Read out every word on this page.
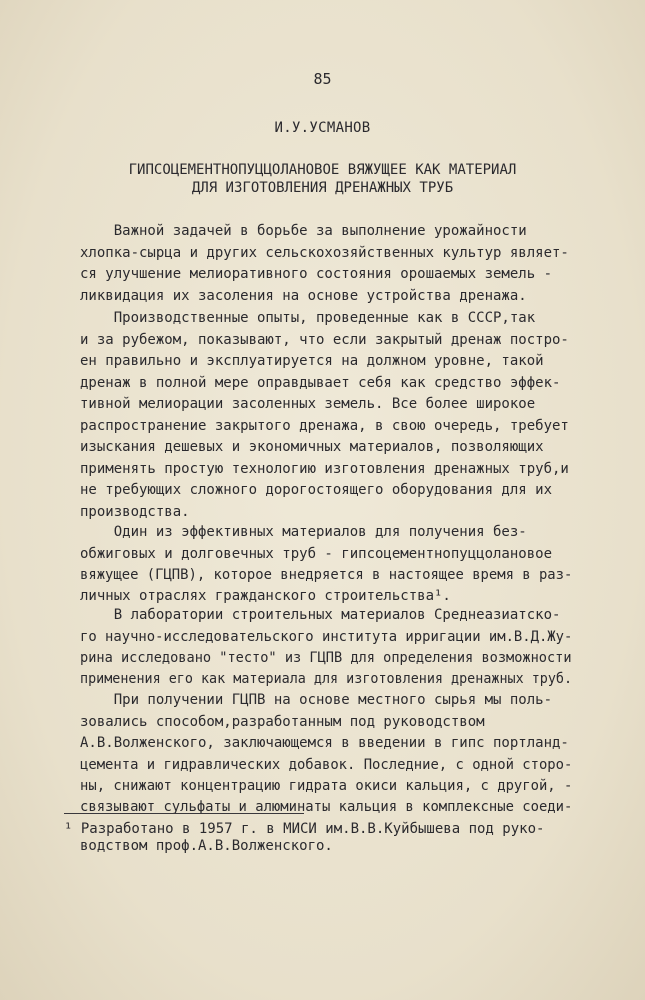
85
И.У.УСМАНОВ
ГИПСОЦЕМЕНТНОПУЦЦОЛАНОВОЕ ВЯЖУЩЕЕ КАК МАТЕРИАЛ
ДЛЯ ИЗГОТОВЛЕНИЯ ДРЕНАЖНЫХ ТРУБ
Важной задачей в борьбе за выполнение урожайности
хлопка-сырца и других сельскохозяйственных культур являет-
ся улучшение мелиоративного состояния орошаемых земель -
ликвидация их засоления на основе устройства дренажа.
Производственные опыты, проведенные как в СССР,так
и за рубежом, показывают, что если закрытый дренаж постро-
ен правильно и эксплуатируется на должном уровне, такой
дренаж в полной мере оправдывает себя как средство эффек-
тивной мелиорации засоленных земель. Все более широкое
распространение закрытого дренажа, в свою очередь, требует
изыскания дешевых и экономичных материалов, позволяющих
применять простую технологию изготовления дренажных труб,и
не требующих сложного дорогостоящего оборудования для их
производства.
Один из эффективных материалов для получения без-
обжиговых и долговечных труб - гипсоцементнопуццолановое
вяжущее (ГЦПВ), которое внедряется в настоящее время в раз-
личных отраслях гражданского строительства¹.
В лаборатории строительных материалов Среднеазиатско-
го научно-исследовательского института ирригации им.В.Д.Жу-
рина исследовано "тесто" из ГЦПВ для определения возможности
применения его как материала для изготовления дренажных труб.
При получении ГЦПВ на основе местного сырья мы поль-
зовались способом,разработанным под руководством
А.В.Волженского, заключающемся в введении в гипс портланд-
цемента и гидравлических добавок. Последние, с одной сторо-
ны, снижают концентрацию гидрата окиси кальция, с другой, -
связывают сульфаты и алюминаты кальция в комплексные соеди-
¹ Разработано в 1957 г. в МИСИ им.В.В.Куйбышева под руко-
водством проф.А.В.Волженского.
